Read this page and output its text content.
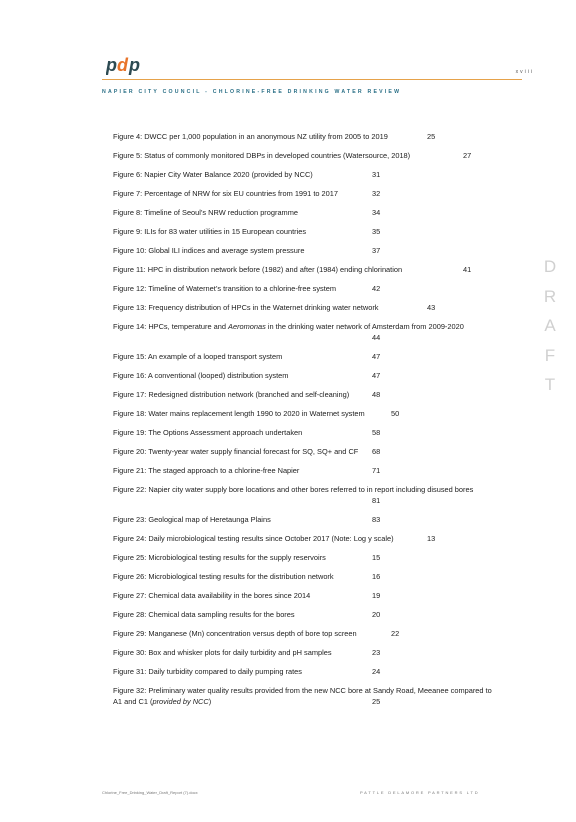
p d p	xviii
NAPIER CITY COUNCIL - CHLORINE-FREE DRINKING WATER REVIEW
Figure 4: DWCC per 1,000 population in an anonymous NZ utility from 2005 to 2019	25
Figure 5: Status of commonly monitored DBPs in developed countries (Watersource, 2018)	27
Figure 6: Napier City Water Balance 2020 (provided by NCC)	31
Figure 7: Percentage of NRW for six EU countries from 1991 to 2017	32
Figure 8: Timeline of Seoul’s NRW reduction programme	34
Figure 9: ILIs for 83 water utilities in 15 European countries	35
Figure 10: Global ILI indices and average system pressure	37
Figure 11: HPC in distribution network before (1982) and after (1984) ending chlorination	41
Figure 12: Timeline of Waternet’s transition to a chlorine-free system	42
Figure 13: Frequency distribution of HPCs in the Waternet drinking water network	43
Figure 14: HPCs, temperature and Aeromonas in the drinking water network of Amsterdam from 2009-2020
44
Figure 15: An example of a looped transport system	47
Figure 16: A conventional (looped) distribution system	47
Figure 17: Redesigned distribution network (branched and self-cleaning)	48
Figure 18: Water mains replacement length 1990 to 2020 in Waternet system	50
Figure 19: The Options Assessment approach undertaken	58
Figure 20: Twenty-year water supply financial forecast for SQ, SQ+ and CF 68
Figure 21: The staged approach to a chlorine-free Napier	71
Figure 22: Napier city water supply bore locations and other bores referred to in report including disused bores
81
Figure 23: Geological map of Heretaunga Plains	83
Figure 24: Daily microbiological testing results since October 2017 (Note: Log y scale)	13
Figure 25: Microbiological testing results for the supply reservoirs	15
Figure 26: Microbiological testing results for the distribution network	16
Figure 27: Chemical data availability in the bores since 2014	19
Figure 28: Chemical data sampling results for the bores	20
Figure 29: Manganese (Mn) concentration versus depth of bore top screen	22
Figure 30: Box and whisker plots for daily turbidity and pH samples	23
Figure 31: Daily turbidity compared to daily pumping rates	24
Figure 32: Preliminary water quality results provided from the new NCC bore at Sandy Road, Meeanee compared to A1 and C1 (provided by NCC)	25
D
R
A
F
T
Chlorine_Free_Drinking_Water_Draft_Report (7).docx	PATTLE DELAMORE PARTNERS LTD
